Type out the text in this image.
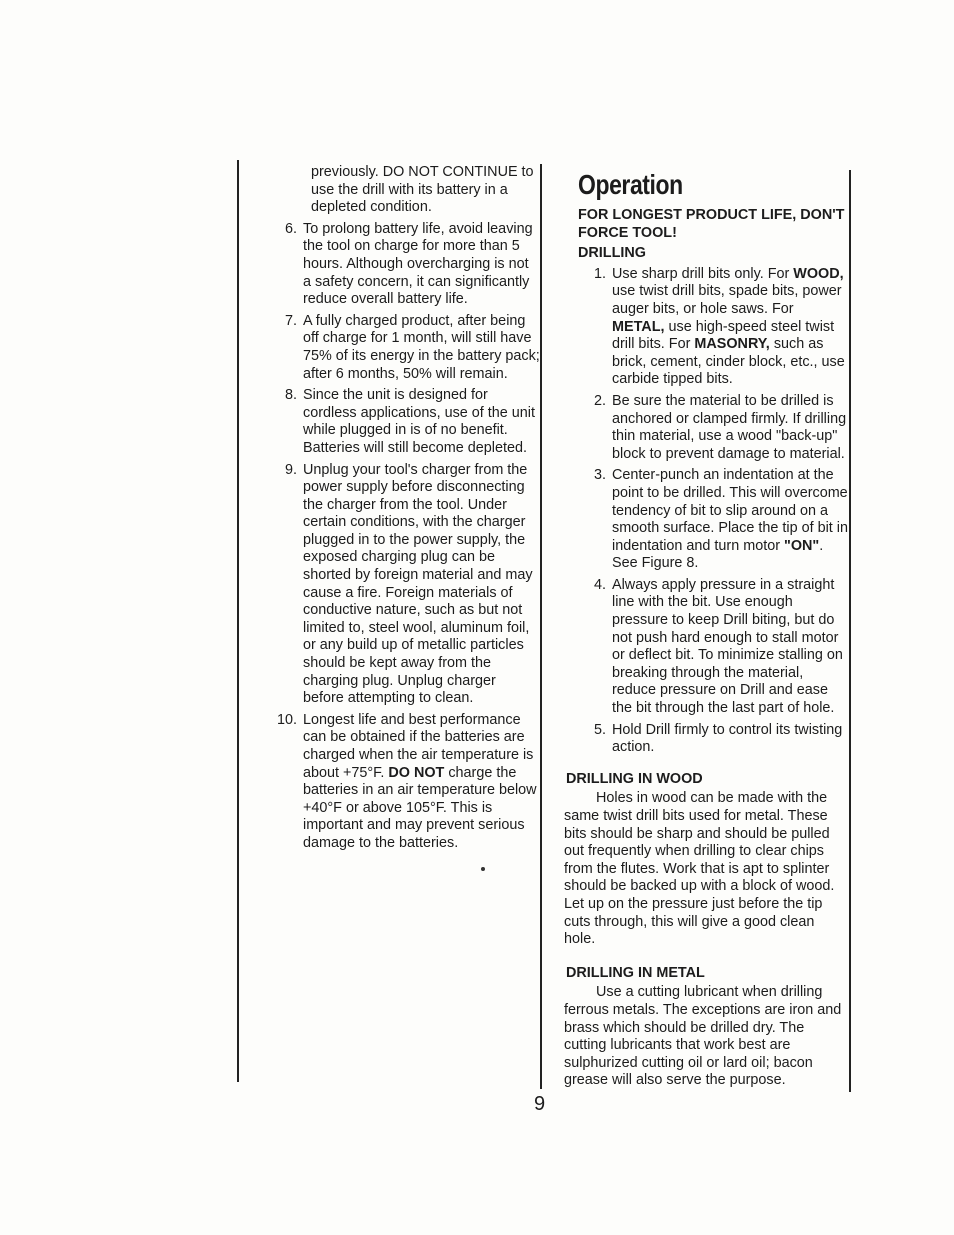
previously. DO NOT CONTINUE to use the drill with its battery in a depleted condition.
6. To prolong battery life, avoid leaving the tool on charge for more than 5 hours. Although overcharging is not a safety concern, it can significantly reduce overall battery life.
7. A fully charged product, after being off charge for 1 month, will still have 75% of its energy in the battery pack; after 6 months, 50% will remain.
8. Since the unit is designed for cordless applications, use of the unit while plugged in is of no benefit. Batteries will still become depleted.
9. Unplug your tool's charger from the power supply before disconnecting the charger from the tool. Under certain conditions, with the charger plugged in to the power supply, the exposed charging plug can be shorted by foreign material and may cause a fire. Foreign materials of conductive nature, such as but not limited to, steel wool, aluminum foil, or any build up of metallic particles should be kept away from the charging plug. Unplug charger before attempting to clean.
10. Longest life and best performance can be obtained if the batteries are charged when the air temperature is about +75°F. DO NOT charge the batteries in an air temperature below +40°F or above 105°F. This is important and may prevent serious damage to the batteries.
Operation
FOR LONGEST PRODUCT LIFE, DON'T FORCE TOOL!
DRILLING
1. Use sharp drill bits only. For WOOD, use twist drill bits, spade bits, power auger bits, or hole saws. For METAL, use high-speed steel twist drill bits. For MASONRY, such as brick, cement, cinder block, etc., use carbide tipped bits.
2. Be sure the material to be drilled is anchored or clamped firmly. If drilling thin material, use a wood "back-up" block to prevent damage to material.
3. Center-punch an indentation at the point to be drilled. This will overcome tendency of bit to slip around on a smooth surface. Place the tip of bit in indentation and turn motor "ON". See Figure 8.
4. Always apply pressure in a straight line with the bit. Use enough pressure to keep Drill biting, but do not push hard enough to stall motor or deflect bit. To minimize stalling on breaking through the material, reduce pressure on Drill and ease the bit through the last part of hole.
5. Hold Drill firmly to control its twisting action.
DRILLING IN WOOD

Holes in wood can be made with the same twist drill bits used for metal. These bits should be sharp and should be pulled out frequently when drilling to clear chips from the flutes. Work that is apt to splinter should be backed up with a block of wood. Let up on the pressure just before the tip cuts through, this will give a good clean hole.

DRILLING IN METAL

Use a cutting lubricant when drilling ferrous metals. The exceptions are iron and brass which should be drilled dry. The cutting lubricants that work best are sulphurized cutting oil or lard oil; bacon grease will also serve the purpose.

9
